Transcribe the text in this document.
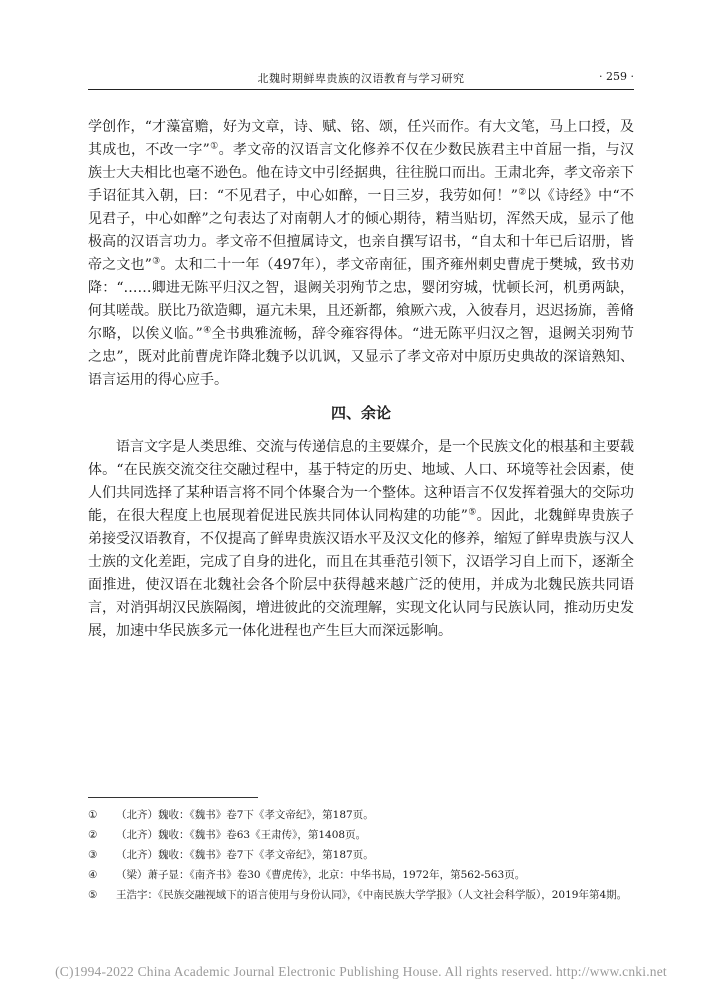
北魏时期鲜卑贵族的汉语教育与学习研究	· 259 ·

学创作，“才藻富赡，好为文章，诗、赋、铭、颂，任兴而作。有大文笔，马上口授，及其成也，不改一字”①。孝文帝的汉语言文化修养不仅在少数民族君主中首屈一指，与汉族士大夫相比也毫不逊色。他在诗文中引经据典，往往脱口而出。王肃北奔，孝文帝亲下手诏征其入朝，曰：“不见君子，中心如醉，一日三岁，我劳如何！”②以《诗经》中“不见君子，中心如醉”之句表达了对南朝人才的倾心期待，精当贴切，浑然天成，显示了他极高的汉语言功力。孝文帝不但擅属诗文，也亲自撰写诏书，“自太和十年已后诏册，皆帝之文也”③。太和二十一年（497年），孝文帝南征，围齐雍州刺史曹虎于樊城，致书劝降：“……卿进无陈平归汉之智，退阙关羽殉节之忠，婴闭穷城，忧顿长河，机勇两缺，何其嗟哉。朕比乃欲造卿，逼亢未果，且还新都，飨厥六戎，入彼春月，迟迟扬旆，善脩尔略，以俟义临。”④全书典雅流畅，辞令雍容得体。“进无陈平归汉之智，退阙关羽殉节之忠”，既对此前曹虎诈降北魏予以讥讽，又显示了孝文帝对中原历史典故的深谙熟知、语言运用的得心应手。

四、余论

语言文字是人类思维、交流与传递信息的主要媒介，是一个民族文化的根基和主要载体。“在民族交流交往交融过程中，基于特定的历史、地域、人口、环境等社会因素，使人们共同选择了某种语言将不同个体聚合为一个整体。这种语言不仅发挥着强大的交际功能，在很大程度上也展现着促进民族共同体认同构建的功能”⑤。因此，北魏鲜卑贵族子弟接受汉语教育，不仅提高了鲜卑贵族汉语水平及汉文化的修养，缩短了鲜卑贵族与汉人士族的文化差距，完成了自身的进化，而且在其垂范引领下，汉语学习自上而下，逐渐全面推进，使汉语在北魏社会各个阶层中获得越来越广泛的使用，并成为北魏民族共同语言，对消弭胡汉民族隔阂，增进彼此的交流理解，实现文化认同与民族认同，推动历史发展，加速中华民族多元一体化进程也产生巨大而深远影响。

①	（北齐）魏收：《魏书》卷7下《孝文帝纪》，第187页。
②	（北齐）魏收：《魏书》卷63《王肃传》，第1408页。
③	（北齐）魏收：《魏书》卷7下《孝文帝纪》，第187页。
④	（梁）萧子显：《南齐书》卷30《曹虎传》，北京：中华书局，1972年，第562-563页。
⑤	王浩宇：《民族交融视域下的语言使用与身份认同》，《中南民族大学学报》（人文社会科学版），2019年第4期。
(C)1994-2022 China Academic Journal Electronic Publishing House. All rights reserved. http://www.cnki.net
